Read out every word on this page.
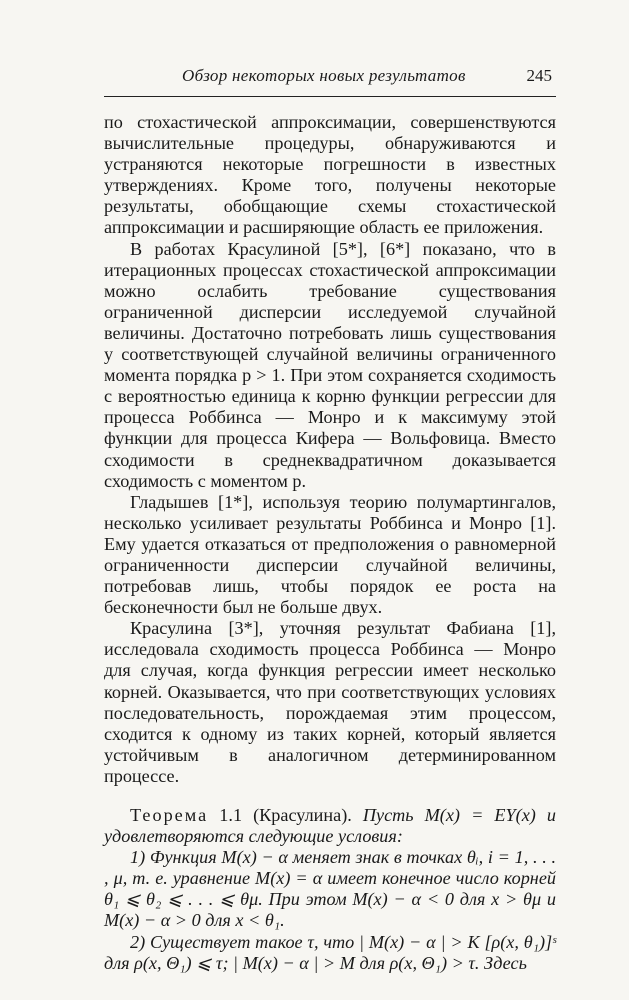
Обзор некоторых новых результатов	245

по стохастической аппроксимации, совершенствуются вычислительные процедуры, обнаруживаются и устраняются некоторые погрешности в известных утверждениях. Кроме того, получены некоторые результаты, обобщающие схемы стохастической аппроксимации и расширяющие область ее приложения.

В работах Красулиной [5*], [6*] показано, что в итерационных процессах стохастической аппроксимации можно ослабить требование существования ограниченной дисперсии исследуемой случайной величины. Достаточно потребовать лишь существования у соответствующей случайной величины ограниченного момента порядка p > 1. При этом сохраняется сходимость с вероятностью единица к корню функции регрессии для процесса Роббинса — Монро и к максимуму этой функции для процесса Кифера — Вольфовица. Вместо сходимости в среднеквадратичном доказывается сходимость с моментом p.

Гладышев [1*], используя теорию полумартингалов, несколько усиливает результаты Роббинса и Монро [1]. Ему удается отказаться от предположения о равномерной ограниченности дисперсии случайной величины, потребовав лишь, чтобы порядок ее роста на бесконечности был не больше двух.

Красулина [3*], уточняя результат Фабиана [1], исследовала сходимость процесса Роббинса — Монро для случая, когда функция регрессии имеет несколько корней. Оказывается, что при соответствующих условиях последовательность, порождаемая этим процессом, сходится к одному из таких корней, который является устойчивым в аналогичном детерминированном процессе.

Теорема 1.1 (Красулина). Пусть M(x) = EY(x) и удовлетворяются следующие условия:

1) Функция M(x) − α меняет знак в точках θᵢ, i = 1, . . . , μ, т. е. уравнение M(x) = α имеет конечное число корней θ₁ ⩽ θ₂ ⩽ . . . ⩽ θμ. При этом M(x) − α < 0 для x > θμ и M(x) − α > 0 для x < θ₁.

2) Существует такое τ, что | M(x) − α | > K [ρ(x, θ₁)]ˢ для ρ(x, Θ₁) ⩽ τ; | M(x) − α | > M для ρ(x, Θ₁) > τ. Здесь
